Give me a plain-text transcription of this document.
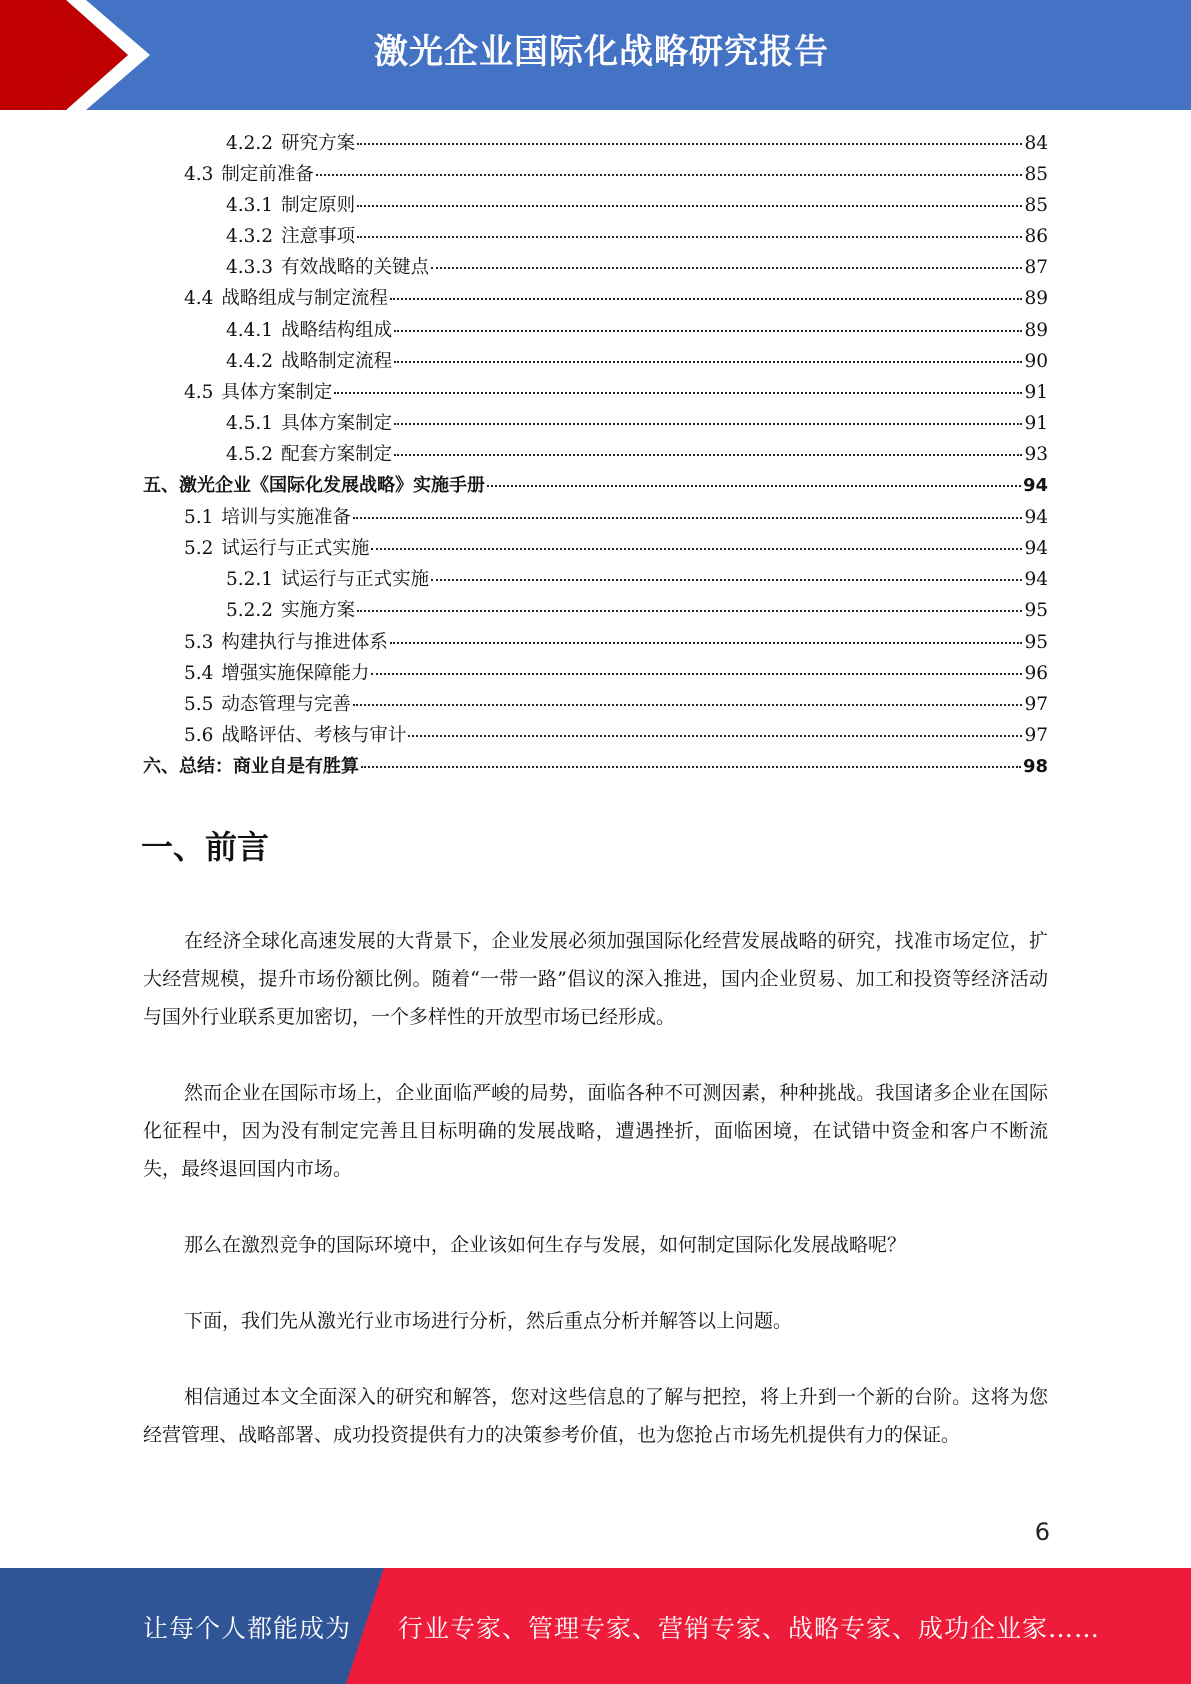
激光企业国际化战略研究报告
4.2.2 研究方案	84
4.3 制定前准备	85
4.3.1 制定原则	85
4.3.2 注意事项	86
4.3.3 有效战略的关键点	87
4.4 战略组成与制定流程	89
4.4.1 战略结构组成	89
4.4.2 战略制定流程	90
4.5 具体方案制定	91
4.5.1 具体方案制定	91
4.5.2 配套方案制定	93
五、激光企业《国际化发展战略》实施手册	94
5.1 培训与实施准备	94
5.2 试运行与正式实施	94
5.2.1 试运行与正式实施	94
5.2.2 实施方案	95
5.3 构建执行与推进体系	95
5.4 增强实施保障能力	96
5.5 动态管理与完善	97
5.6 战略评估、考核与审计	97
六、总结：商业自是有胜算	98
一、前言

在经济全球化高速发展的大背景下，企业发展必须加强国际化经营发展战略的研究，找准市场定位，扩大经营规模，提升市场份额比例。随着“一带一路”倡议的深入推进，国内企业贸易、加工和投资等经济活动与国外行业联系更加密切，一个多样性的开放型市场已经形成。

然而企业在国际市场上，企业面临严峻的局势，面临各种不可测因素，种种挑战。我国诸多企业在国际化征程中，因为没有制定完善且目标明确的发展战略，遭遇挫折，面临困境，在试错中资金和客户不断流失，最终退回国内市场。

那么在激烈竞争的国际环境中，企业该如何生存与发展，如何制定国际化发展战略呢？

下面，我们先从激光行业市场进行分析，然后重点分析并解答以上问题。

相信通过本文全面深入的研究和解答，您对这些信息的了解与把控，将上升到一个新的台阶。这将为您经营管理、战略部署、成功投资提供有力的决策参考价值，也为您抢占市场先机提供有力的保证。

6
让每个人都能成为 行业专家、管理专家、营销专家、战略专家、成功企业家……
